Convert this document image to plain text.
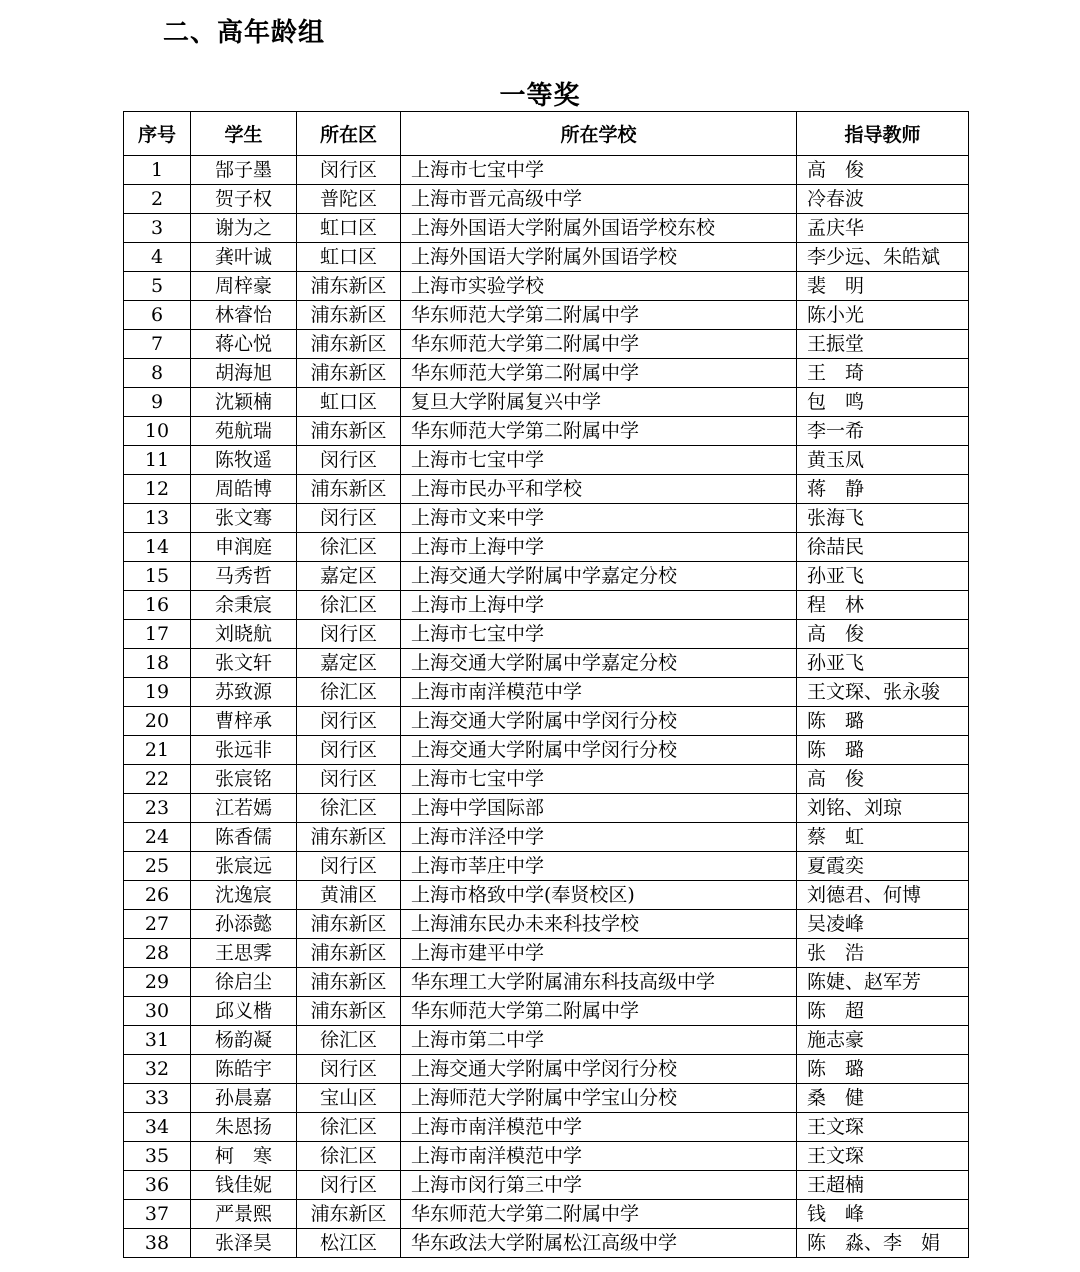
二、高年龄组
一等奖
序号	学生	所在区	所在学校	指导教师
1	郜子墨	闵行区	上海市七宝中学	高　俊
2	贺子权	普陀区	上海市晋元高级中学	冷春波
3	谢为之	虹口区	上海外国语大学附属外国语学校东校	孟庆华
4	龚叶诚	虹口区	上海外国语大学附属外国语学校	李少远、朱皓斌
5	周梓豪	浦东新区	上海市实验学校	裴　明
6	林睿怡	浦东新区	华东师范大学第二附属中学	陈小光
7	蒋心悦	浦东新区	华东师范大学第二附属中学	王振堂
8	胡海旭	浦东新区	华东师范大学第二附属中学	王　琦
9	沈颖楠	虹口区	复旦大学附属复兴中学	包　鸣
10	苑航瑞	浦东新区	华东师范大学第二附属中学	李一希
11	陈牧遥	闵行区	上海市七宝中学	黄玉凤
12	周皓博	浦东新区	上海市民办平和学校	蒋　静
13	张文骞	闵行区	上海市文来中学	张海飞
14	申润庭	徐汇区	上海市上海中学	徐喆民
15	马秀哲	嘉定区	上海交通大学附属中学嘉定分校	孙亚飞
16	余秉宸	徐汇区	上海市上海中学	程　林
17	刘晓航	闵行区	上海市七宝中学	高　俊
18	张文轩	嘉定区	上海交通大学附属中学嘉定分校	孙亚飞
19	苏致源	徐汇区	上海市南洋模范中学	王文琛、张永骏
20	曹梓承	闵行区	上海交通大学附属中学闵行分校	陈　璐
21	张远非	闵行区	上海交通大学附属中学闵行分校	陈　璐
22	张宸铭	闵行区	上海市七宝中学	高　俊
23	江若嫣	徐汇区	上海中学国际部	刘铭、刘琼
24	陈香儒	浦东新区	上海市洋泾中学	蔡　虹
25	张宸远	闵行区	上海市莘庄中学	夏霞奕
26	沈逸宸	黄浦区	上海市格致中学(奉贤校区)	刘德君、何博
27	孙添懿	浦东新区	上海浦东民办未来科技学校	吴凌峰
28	王思霁	浦东新区	上海市建平中学	张　浩
29	徐启尘	浦东新区	华东理工大学附属浦东科技高级中学	陈婕、赵军芳
30	邱义楷	浦东新区	华东师范大学第二附属中学	陈　超
31	杨韵凝	徐汇区	上海市第二中学	施志豪
32	陈皓宇	闵行区	上海交通大学附属中学闵行分校	陈　璐
33	孙晨嘉	宝山区	上海师范大学附属中学宝山分校	桑　健
34	朱恩扬	徐汇区	上海市南洋模范中学	王文琛
35	柯　寒	徐汇区	上海市南洋模范中学	王文琛
36	钱佳妮	闵行区	上海市闵行第三中学	王超楠
37	严景熙	浦东新区	华东师范大学第二附属中学	钱　峰
38	张泽昊	松江区	华东政法大学附属松江高级中学	陈　淼、李　娟
